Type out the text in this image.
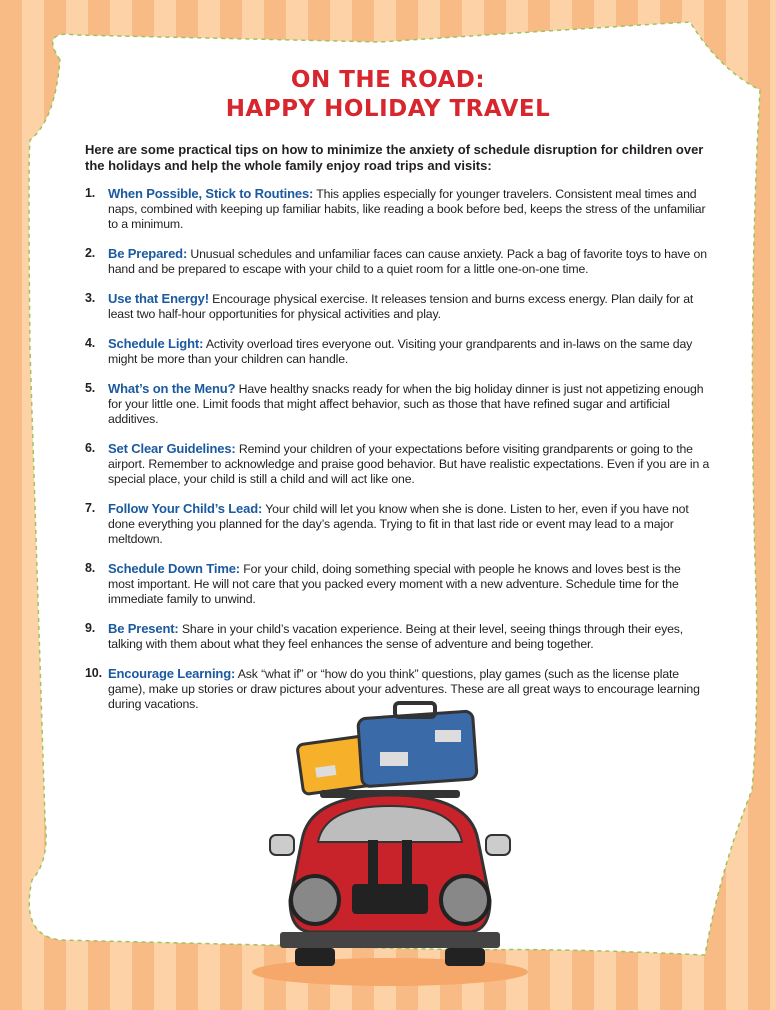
ON THE ROAD:
HAPPY HOLIDAY TRAVEL
Here are some practical tips on how to minimize the anxiety of schedule disruption for children over the holidays and help the whole family enjoy road trips and visits:
1. When Possible, Stick to Routines: This applies especially for younger travelers. Consistent meal times and naps, combined with keeping up familiar habits, like reading a book before bed, keeps the stress of the unfamiliar to a minimum.
2. Be Prepared: Unusual schedules and unfamiliar faces can cause anxiety. Pack a bag of favorite toys to have on hand and be prepared to escape with your child to a quiet room for a little one-on-one time.
3. Use that Energy! Encourage physical exercise. It releases tension and burns excess energy. Plan daily for at least two half-hour opportunities for physical activities and play.
4. Schedule Light: Activity overload tires everyone out. Visiting your grandparents and in-laws on the same day might be more than your children can handle.
5. What’s on the Menu? Have healthy snacks ready for when the big holiday dinner is just not appetizing enough for your little one. Limit foods that might affect behavior, such as those that have refined sugar and artificial additives.
6. Set Clear Guidelines: Remind your children of your expectations before visiting grandparents or going to the airport. Remember to acknowledge and praise good behavior. But have realistic expectations. Even if you are in a special place, your child is still a child and will act like one.
7. Follow Your Child’s Lead: Your child will let you know when she is done. Listen to her, even if you have not done everything you planned for the day’s agenda. Trying to fit in that last ride or event may lead to a major meltdown.
8. Schedule Down Time: For your child, doing something special with people he knows and loves best is the most important. He will not care that you packed every moment with a new adventure. Schedule time for the immediate family to unwind.
9. Be Present: Share in your child’s vacation experience. Being at their level, seeing things through their eyes, talking with them about what they feel enhances the sense of adventure and being together.
10. Encourage Learning: Ask “what if” or “how do you think” questions, play games (such as the license plate game), make up stories or draw pictures about your adventures. These are all great ways to encourage learning during vacations.
